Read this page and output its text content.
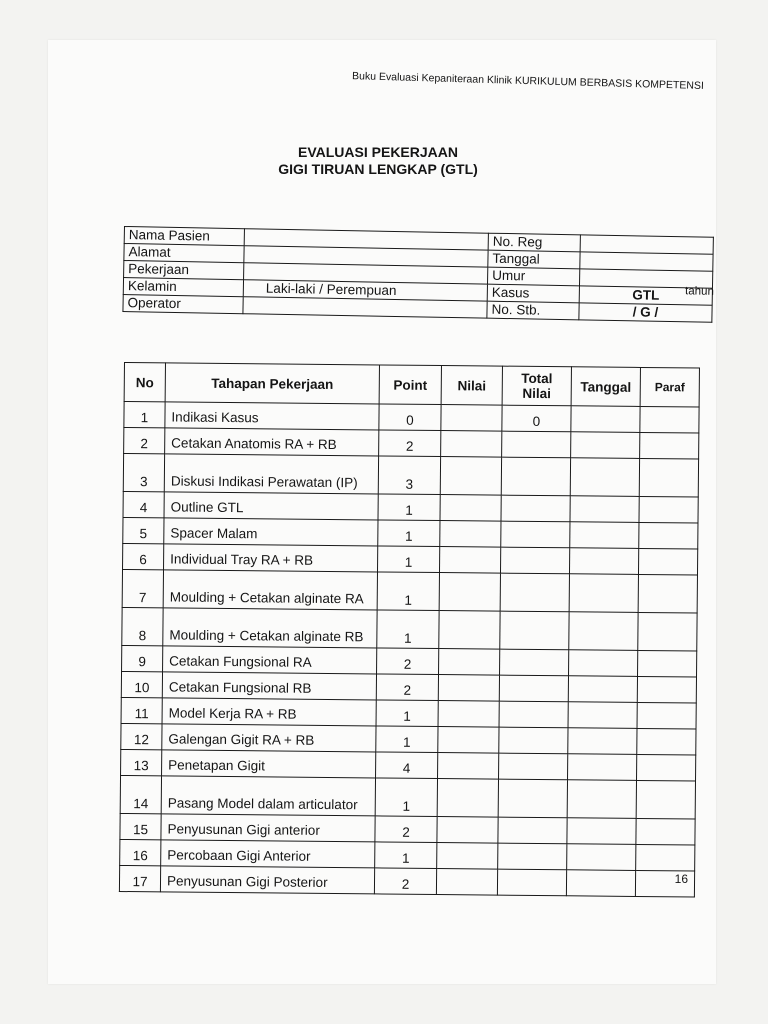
Buku Evaluasi Kepaniteraan Klinik KURIKULUM BERBASIS KOMPETENSI
EVALUASI PEKERJAAN
GIGI TIRUAN LENGKAP (GTL)
Nama Pasien		No. Reg	
Alamat		Tanggal	
Pekerjaan		Umur	tahun

Kelamin	Laki-laki / Perempuan	Kasus	GTL
Operator		No. Stb.	/ G /
No	Tahapan Pekerjaan	Point	Nilai	Total
Nilai	Tanggal	Paraf
1	Indikasi Kasus	0		0		
2	Cetakan Anatomis RA + RB	2				
3	Diskusi Indikasi Perawatan (IP)	3				
4	Outline GTL	1				
5	Spacer Malam	1				
6	Individual Tray RA + RB	1				
7	Moulding + Cetakan alginate RA	1				
8	Moulding + Cetakan alginate RB	1				
9	Cetakan Fungsional RA	2				
10	Cetakan Fungsional RB	2				
11	Model Kerja RA + RB	1				
12	Galengan Gigit RA + RB	1				
13	Penetapan Gigit	4				
14	Pasang Model dalam articulator	1				
15	Penyusunan Gigi anterior	2				
16	Percobaan Gigi Anterior	1				
17	Penyusunan Gigi Posterior	2					16
